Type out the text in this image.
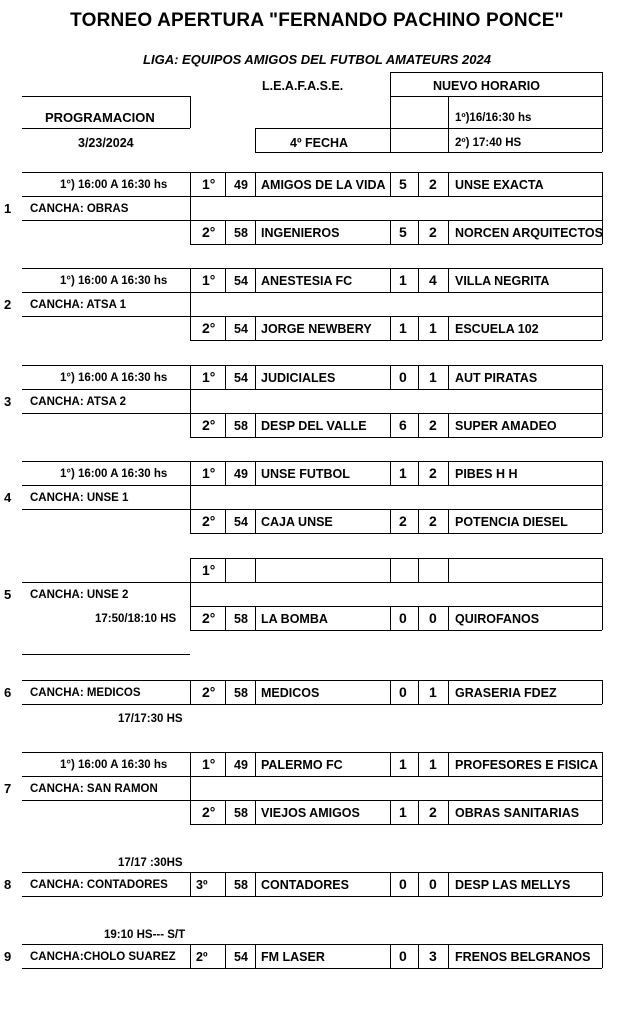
TORNEO APERTURA "FERNANDO PACHINO PONCE"
LIGA: EQUIPOS AMIGOS DEL FUTBOL AMATEURS 2024
L.E.A.F.A.S.E.	NUEVO HORARIO
PROGRAMACION
3/23/2024	4º FECHA
1º)16/16:30 hs
2º) 17:40 HS
1°) 16:00 A 16:30 hs
1 CANCHA: OBRAS
1° 49 AMIGOS DE LA VIDA 5 2 UNSE EXACTA
2° 58 INGENIEROS	5 2 NORCEN ARQUITECTOS
1°) 16:00 A 16:30 hs
2 CANCHA: ATSA 1
1° 54 ANESTESIA FC	1 4 VILLA NEGRITA
2° 54 JORGE NEWBERY 1 1 ESCUELA 102
1°) 16:00 A 16:30 hs
3 CANCHA: ATSA 2
1° 54 JUDICIALES	0 1 AUT PIRATAS
2° 58 DESP DEL VALLE 6 2 SUPER AMADEO
1°) 16:00 A 16:30 hs
4 CANCHA: UNSE 1
1° 49 UNSE FUTBOL	1 2 PIBES H H
2° 54 CAJA UNSE	2 2 POTENCIA DIESEL
5 CANCHA: UNSE 2
17:50/18:10 HS
1°
2° 58 LA BOMBA	0 0 QUIROFANOS
6 CANCHA: MEDICOS
17/17:30 HS
2° 58 MEDICOS	0 1 GRASERIA FDEZ
1°) 16:00 A 16:30 hs
7 CANCHA: SAN RAMON
1° 49 PALERMO FC	1 1 PROFESORES E FISICA
2° 58 VIEJOS AMIGOS	1 2 OBRAS SANITARIAS
8 CANCHA: CONTADORES
17/17 :30HS
3º 58 CONTADORES	0 0 DESP LAS MELLYS
9 CANCHA:CHOLO SUAREZ
19:10 HS--- S/T
2º 54 FM LASER	0 3 FRENOS BELGRANOS
